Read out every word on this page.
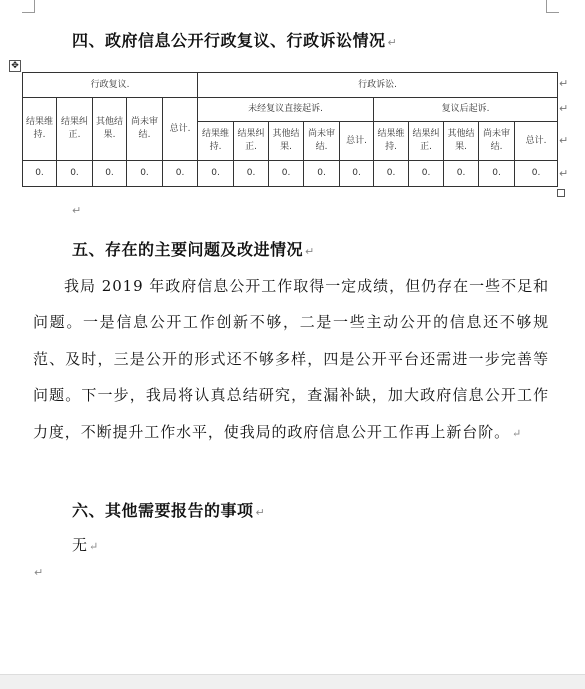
四、政府信息公开行政复议、行政诉讼情况 ↵
✥
行政复议.					行政诉讼.									
结果维持.	结果纠正.	其他结果.	尚未审结.	总计.	未经复议直接起诉.					复议后起诉.				
					结果维持.	结果纠正.	其他结果.	尚未审结.	总计.	结果维持.	结果纠正.	其他结果.	尚未审结.	总计.
0.	0.	0.	0.	0.	0.	0.	0.	0.	0.	0.	0.	0.	0.	0.
↵
↵
↵
↵
↵
五、存在的主要问题及改进情况 ↵
我局 2019 年政府信息公开工作取得一定成绩，但仍存在一些不足和问题。一是信息公开工作创新不够，二是一些主动公开的信息还不够规范、及时，三是公开的形式还不够多样，四是公开平台还需进一步完善等问题。下一步，我局将认真总结研究，查漏补缺，加大政府信息公开工作力度，不断提升工作水平，使我局的政府信息公开工作再上新台阶。 ↵
六、其他需要报告的事项 ↵
无 ↵
↵
